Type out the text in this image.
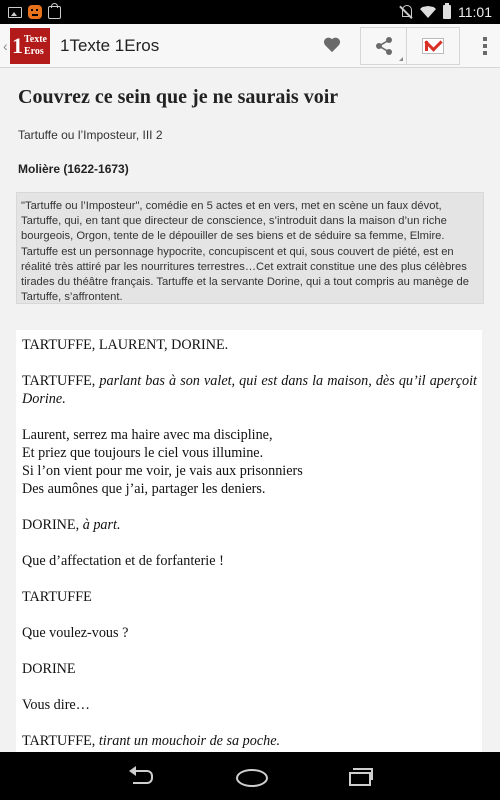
11:01
‹ 1 Texte
Eros 1Texte 1Eros
Couvrez ce sein que je ne saurais voir
Tartuffe ou l’Imposteur, III 2
Molière (1622-1673)
"Tartuffe ou l’Imposteur", comédie en 5 actes et en vers, met en scène un faux dévot, Tartuffe, qui, en tant que directeur de conscience, s’introduit dans la maison d’un riche bourgeois, Orgon, tente de le dépouiller de ses biens et de séduire sa femme, Elmire. Tartuffe est un personnage hypocrite, concupiscent et qui, sous couvert de piété, est en réalité très attiré par les nourritures terrestres…Cet extrait constitue une des plus célèbres tirades du théâtre français. Tartuffe et la servante Dorine, qui a tout compris au manège de Tartuffe, s’affrontent.
TARTUFFE, LAURENT, DORINE.
TARTUFFE, parlant bas à son valet, qui est dans la maison, dès qu’il aperçoit Dorine.
Laurent, serrez ma haire avec ma discipline,
Et priez que toujours le ciel vous illumine.
Si l’on vient pour me voir, je vais aux prisonniers
Des aumônes que j’ai, partager les deniers.
DORINE, à part.
Que d’affectation et de forfanterie !
TARTUFFE
Que voulez-vous ?
DORINE
Vous dire…
TARTUFFE, tirant un mouchoir de sa poche.
